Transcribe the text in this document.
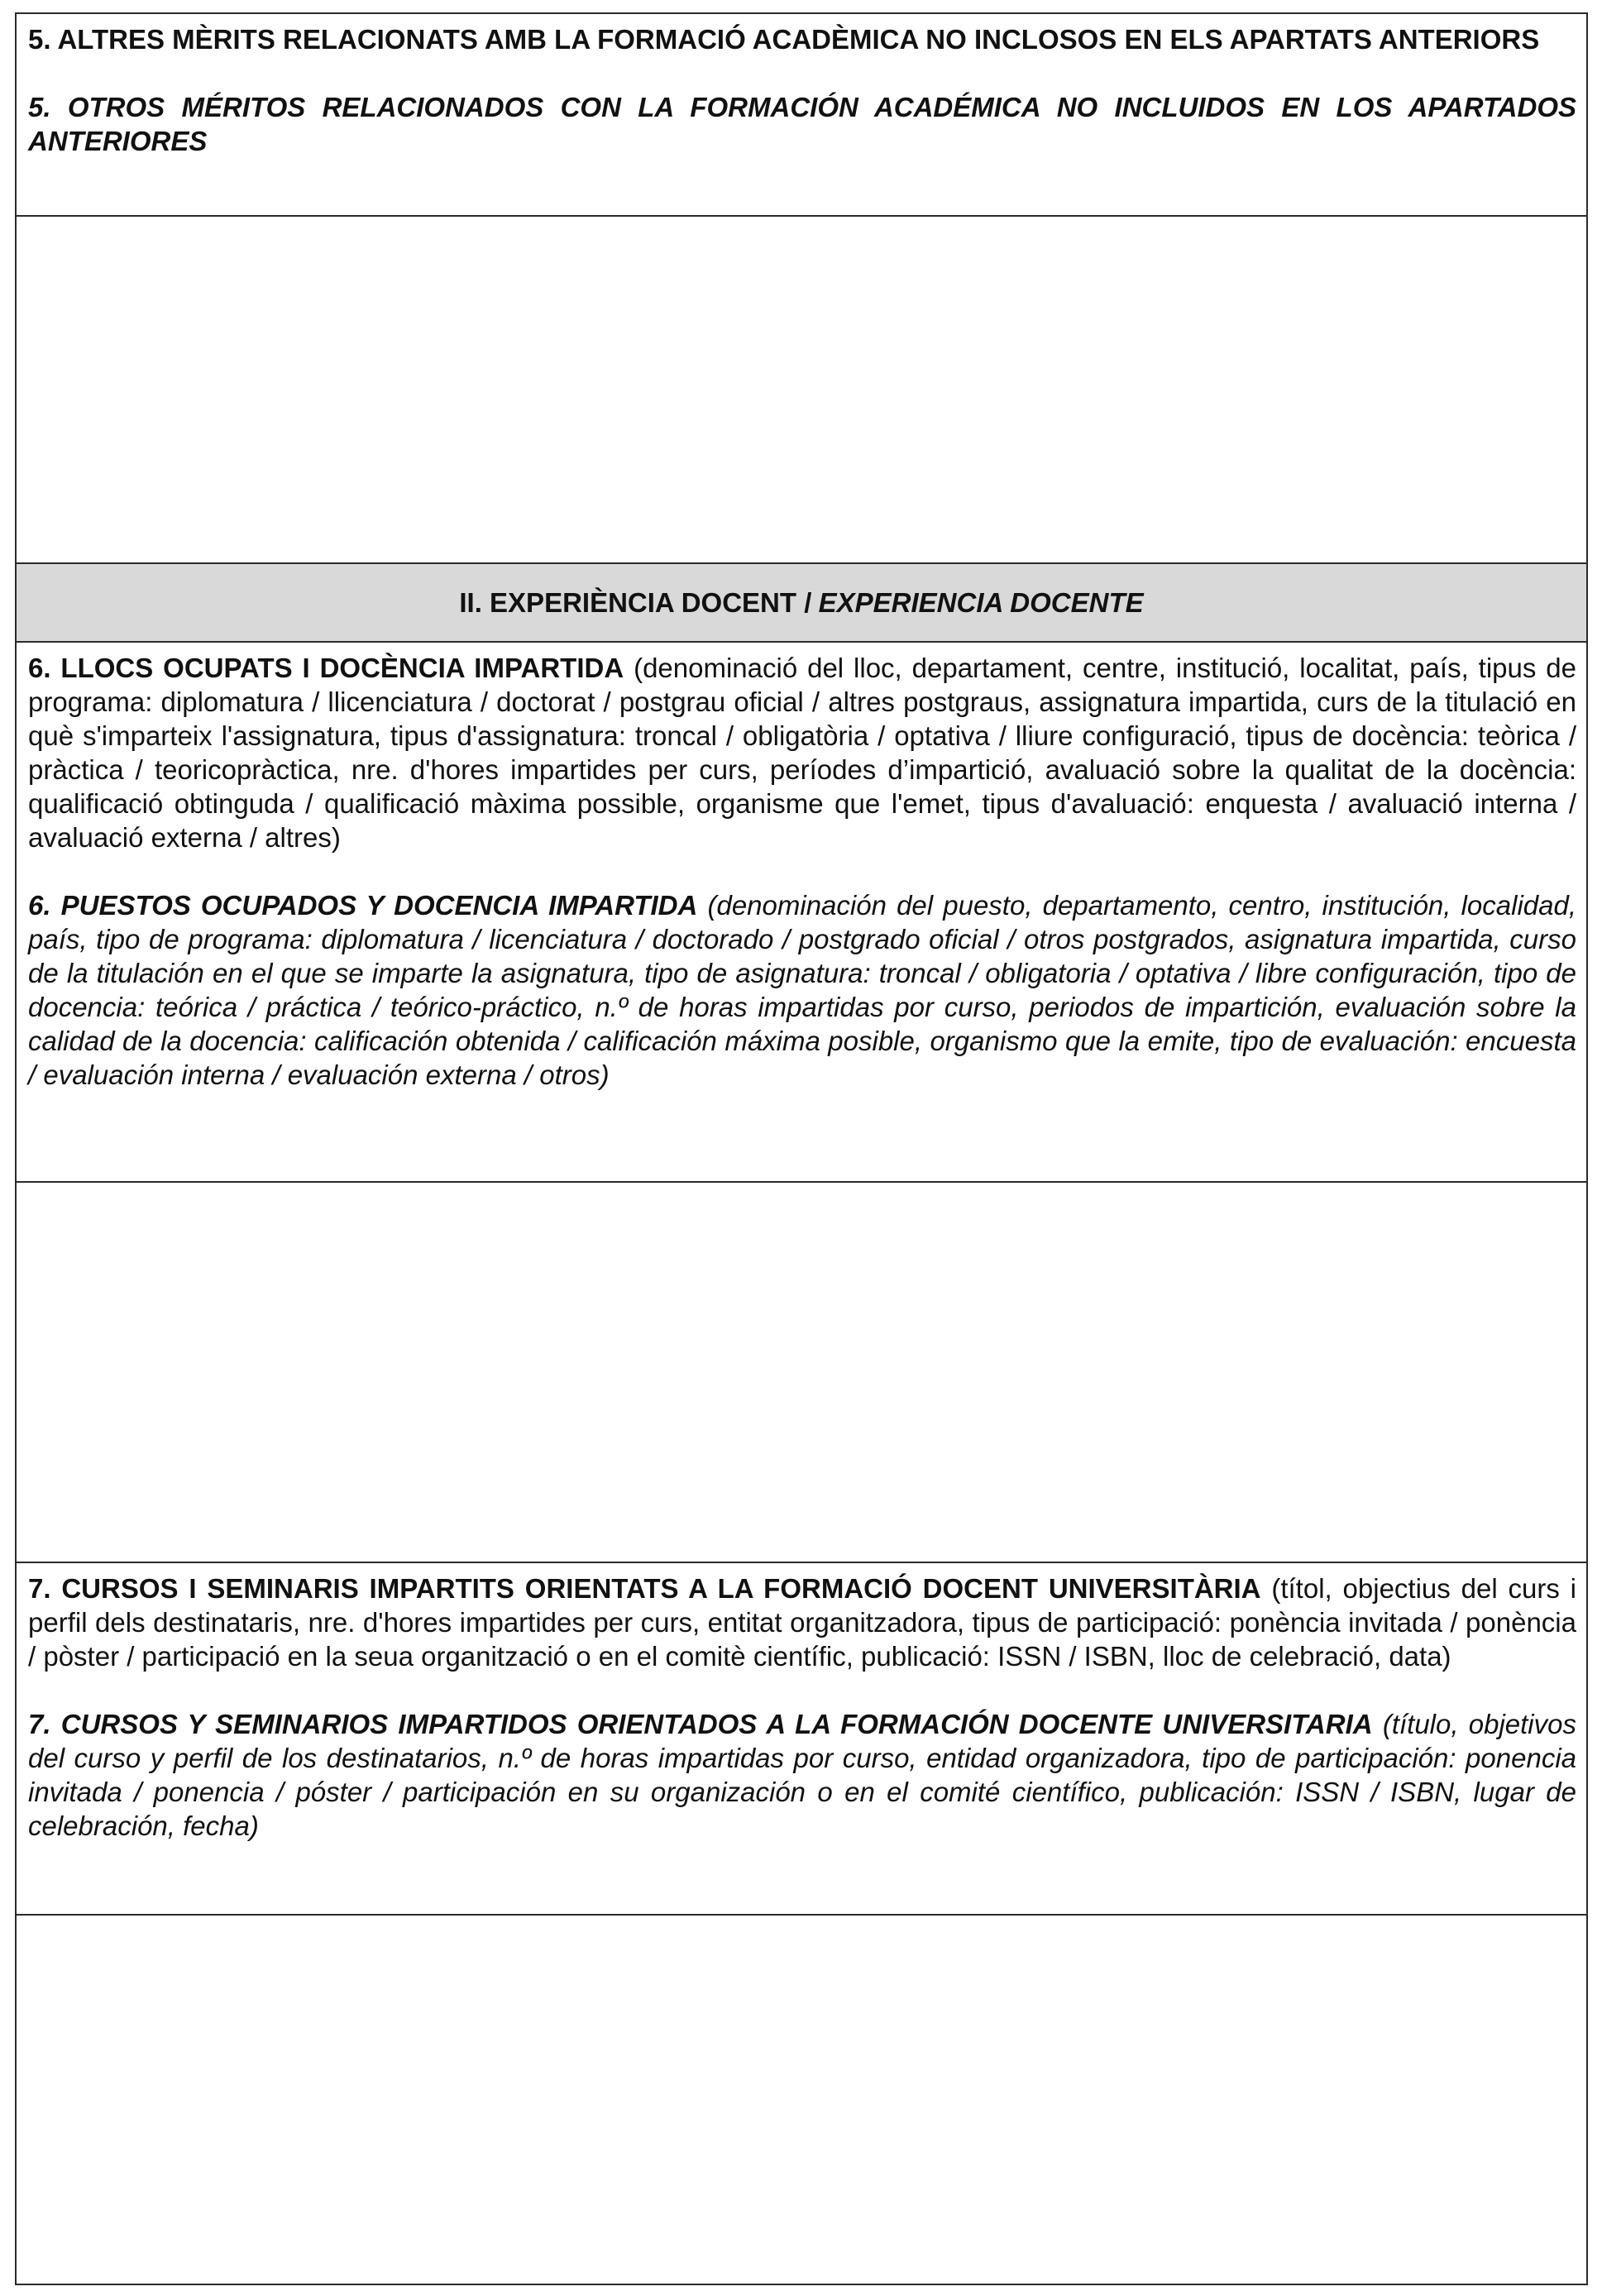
5. ALTRES MÈRITS RELACIONATS AMB LA FORMACIÓ ACADÈMICA NO INCLOSOS EN ELS APARTATS ANTERIORS

5. OTROS MÉRITOS RELACIONADOS CON LA FORMACIÓN ACADÉMICA NO INCLUIDOS EN LOS APARTADOS ANTERIORES

II. EXPERIÈNCIA DOCENT / EXPERIENCIA DOCENTE

6. LLOCS OCUPATS I DOCÈNCIA IMPARTIDA (denominació del lloc, departament, centre, institució, localitat, país, tipus de programa: diplomatura / llicenciatura / doctorat / postgrau oficial / altres postgraus, assignatura impartida, curs de la titulació en què s'imparteix l'assignatura, tipus d'assignatura: troncal / obligatòria / optativa / lliure configuració, tipus de docència: teòrica / pràctica / teoricopràctica, nre. d'hores impartides per curs, períodes d’impartició, avaluació sobre la qualitat de la docència: qualificació obtinguda / qualificació màxima possible, organisme que l'emet, tipus d'avaluació: enquesta / avaluació interna / avaluació externa / altres)

6. PUESTOS OCUPADOS Y DOCENCIA IMPARTIDA (denominación del puesto, departamento, centro, institución, localidad, país, tipo de programa: diplomatura / licenciatura / doctorado / postgrado oficial / otros postgrados, asignatura impartida, curso de la titulación en el que se imparte la asignatura, tipo de asignatura: troncal / obligatoria / optativa / libre configuración, tipo de docencia: teórica / práctica / teórico-práctico, n.º de horas impartidas por curso, periodos de impartición, evaluación sobre la calidad de la docencia: calificación obtenida / calificación máxima posible, organismo que la emite, tipo de evaluación: encuesta / evaluación interna / evaluación externa / otros)

7. CURSOS I SEMINARIS IMPARTITS ORIENTATS A LA FORMACIÓ DOCENT UNIVERSITÀRIA (títol, objectius del curs i perfil dels destinataris, nre. d'hores impartides per curs, entitat organitzadora, tipus de participació: ponència invitada / ponència / pòster / participació en la seua organització o en el comitè científic, publicació: ISSN / ISBN, lloc de celebració, data)

7. CURSOS Y SEMINARIOS IMPARTIDOS ORIENTADOS A LA FORMACIÓN DOCENTE UNIVERSITARIA (título, objetivos del curso y perfil de los destinatarios, n.º de horas impartidas por curso, entidad organizadora, tipo de participación: ponencia invitada / ponencia / póster / participación en su organización o en el comité científico, publicación: ISSN / ISBN, lugar de celebración, fecha)
